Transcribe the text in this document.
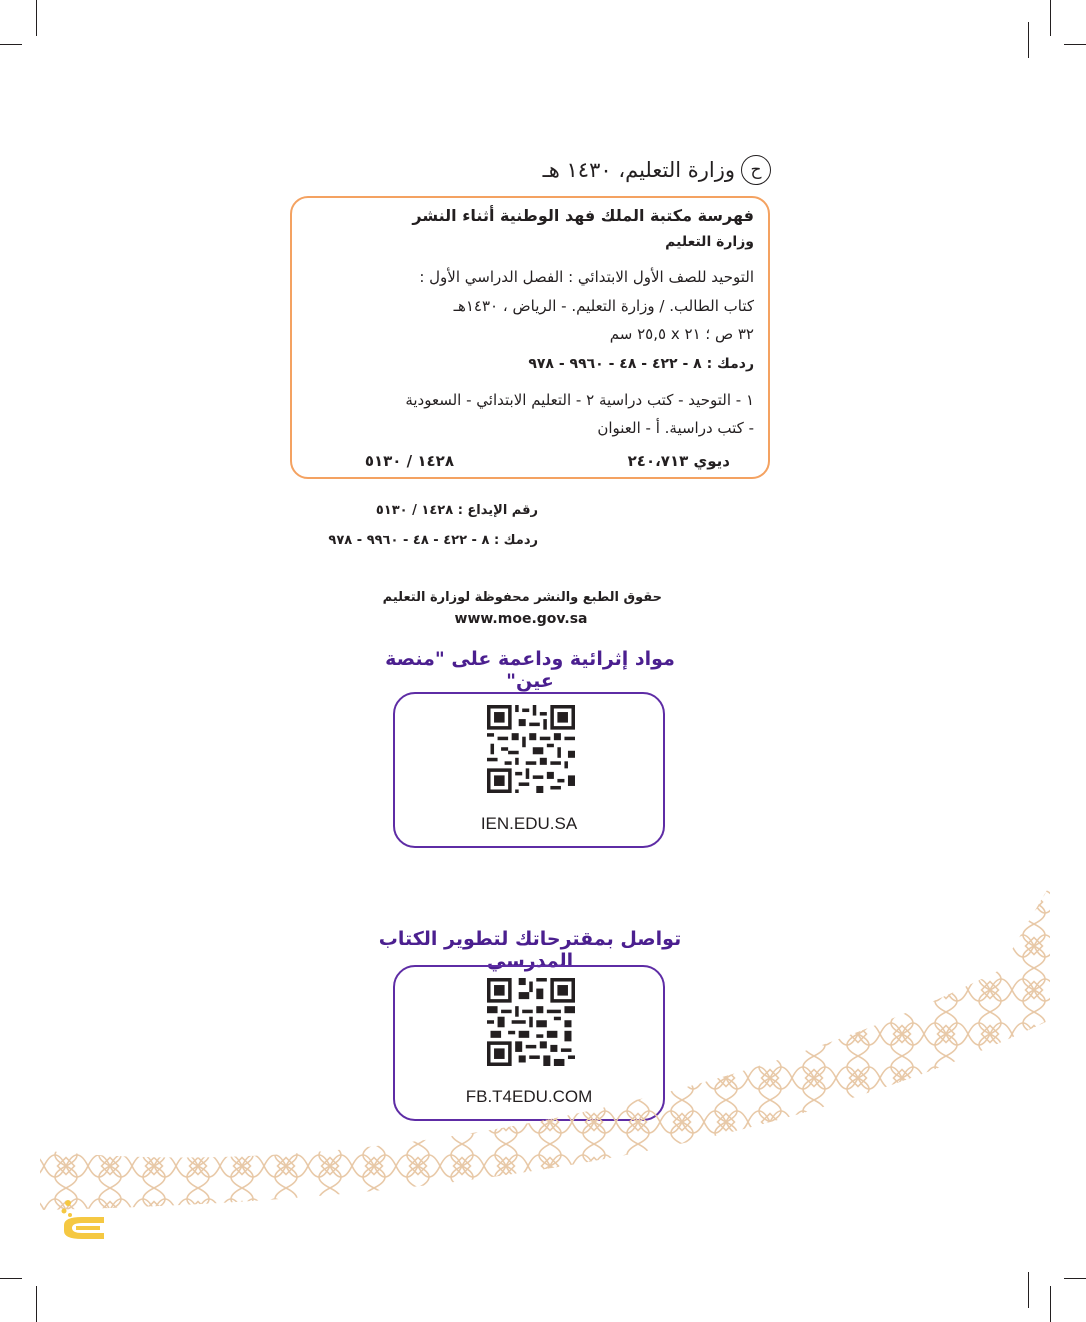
ح
وزارة التعليم، ١٤٣٠ هـ
فهرسة مكتبة الملك فهد الوطنية أثناء النشر
وزارة التعليم
التوحيد للصف الأول الابتدائي : الفصل الدراسي الأول :
كتاب الطالب. / وزارة التعليم. - الرياض ، ١٤٣٠هـ
٣٢ ص ؛ ٢١ x ٢٥,٥ سم
ردمك : ٨ - ٤٢٢ - ٤٨ - ٩٩٦٠ - ٩٧٨
١ - التوحيد - كتب دراسية ٢ - التعليم الابتدائي - السعودية
- كتب دراسية. أ - العنوان
ديوي ٢٤٠،٧١٣
١٤٢٨ / ٥١٣٠
رقم الإيداع : ١٤٢٨ / ٥١٣٠
ردمك : ٨ - ٤٢٢ - ٤٨ - ٩٩٦٠ - ٩٧٨
حقوق الطبع والنشر محفوظة لوزارة التعليم
www.moe.gov.sa
مواد إثرائية وداعمة على "منصة عين"
IEN.EDU.SA
تواصل بمقترحاتك لتطوير الكتاب المدرسي
FB.T4EDU.COM
